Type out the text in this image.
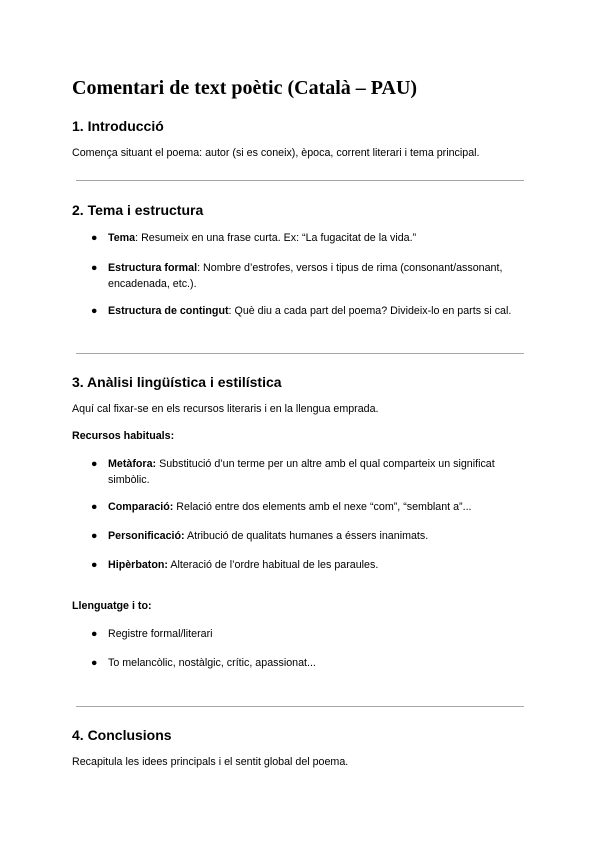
Comentari de text poètic (Català – PAU)
1. Introducció

Comença situant el poema: autor (si es coneix), època, corrent literari i tema principal.

2. Tema i estructura
● Tema: Resumeix en una frase curta. Ex: “La fugacitat de la vida.”
● Estructura formal: Nombre d’estrofes, versos i tipus de rima (consonant/assonant, encadenada, etc.).
● Estructura de contingut: Què diu a cada part del poema? Divideix-lo en parts si cal.
3. Anàlisi lingüística i estilística

Aquí cal fixar-se en els recursos literaris i en la llengua emprada.

Recursos habituals:

● Metàfora: Substitució d’un terme per un altre amb el qual comparteix un significat simbòlic.
● Comparació: Relació entre dos elements amb el nexe “com”, “semblant a”...
● Personificació: Atribució de qualitats humanes a éssers inanimats.
● Hipèrbaton: Alteració de l’ordre habitual de les paraules.

Llenguatge i to:

● Registre formal/literari
● To melancòlic, nostàlgic, crític, apassionat...
4. Conclusions

Recapitula les idees principals i el sentit global del poema.
